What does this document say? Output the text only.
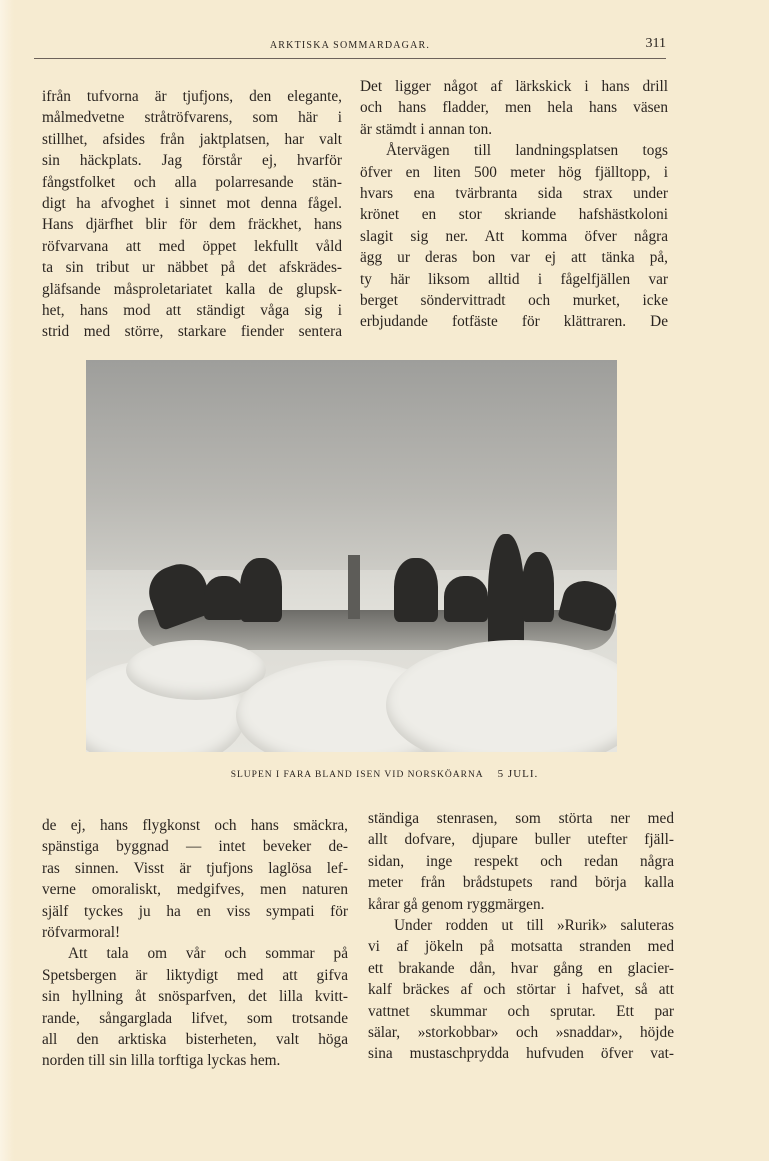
ARKTISKA SOMMARDAGAR.	311
ifrån tufvorna är tjufjons, den elegante,
målmedvetne stråtröfvarens, som här i
stillhet, afsides från jaktplatsen, har valt
sin häckplats. Jag förstår ej, hvarför
fångstfolket och alla polarresande stän-
digt ha afvoghet i sinnet mot denna fågel.
Hans djärfhet blir för dem fräckhet, hans
röfvarvana att med öppet lekfullt våld
ta sin tribut ur näbbet på det afskrädes-
gläfsande måsproletariatet kalla de glupsk-
het, hans mod att ständigt våga sig i
strid med större, starkare fiender sentera
Det ligger något af lärkskick i hans drill
och hans fladder, men hela hans väsen
är stämdt i annan ton.
Återvägen till landningsplatsen togs
öfver en liten 500 meter hög fjälltopp, i
hvars ena tvärbranta sida strax under
krönet en stor skriande hafshästkoloni
slagit sig ner. Att komma öfver några
ägg ur deras bon var ej att tänka på,
ty här liksom alltid i fågelfjällen var
berget söndervittradt och murket, icke
erbjudande fotfäste för klättraren. De
SLUPEN I FARA BLAND ISEN VID NORSKÖARNA 5 JULI.
de ej, hans flygkonst och hans smäckra,
spänstiga byggnad — intet beveker de-
ras sinnen. Visst är tjufjons laglösa lef-
verne omoraliskt, medgifves, men naturen
själf tyckes ju ha en viss sympati för
röfvarmoral!
Att tala om vår och sommar på
Spetsbergen är liktydigt med att gifva
sin hyllning åt snösparfven, det lilla kvitt-
rande, sångarglada lifvet, som trotsande
all den arktiska bisterheten, valt höga
norden till sin lilla torftiga lyckas hem.
ständiga stenrasen, som störta ner med
allt dofvare, djupare buller utefter fjäll-
sidan, inge respekt och redan några
meter från brådstupets rand börja kalla
kårar gå genom ryggmärgen.
Under rodden ut till »Rurik» saluteras
vi af jökeln på motsatta stranden med
ett brakande dån, hvar gång en glacier-
kalf bräckes af och störtar i hafvet, så att
vattnet skummar och sprutar. Ett par
sälar, »storkobbar» och »snaddar», höjde
sina mustaschprydda hufvuden öfver vat-
